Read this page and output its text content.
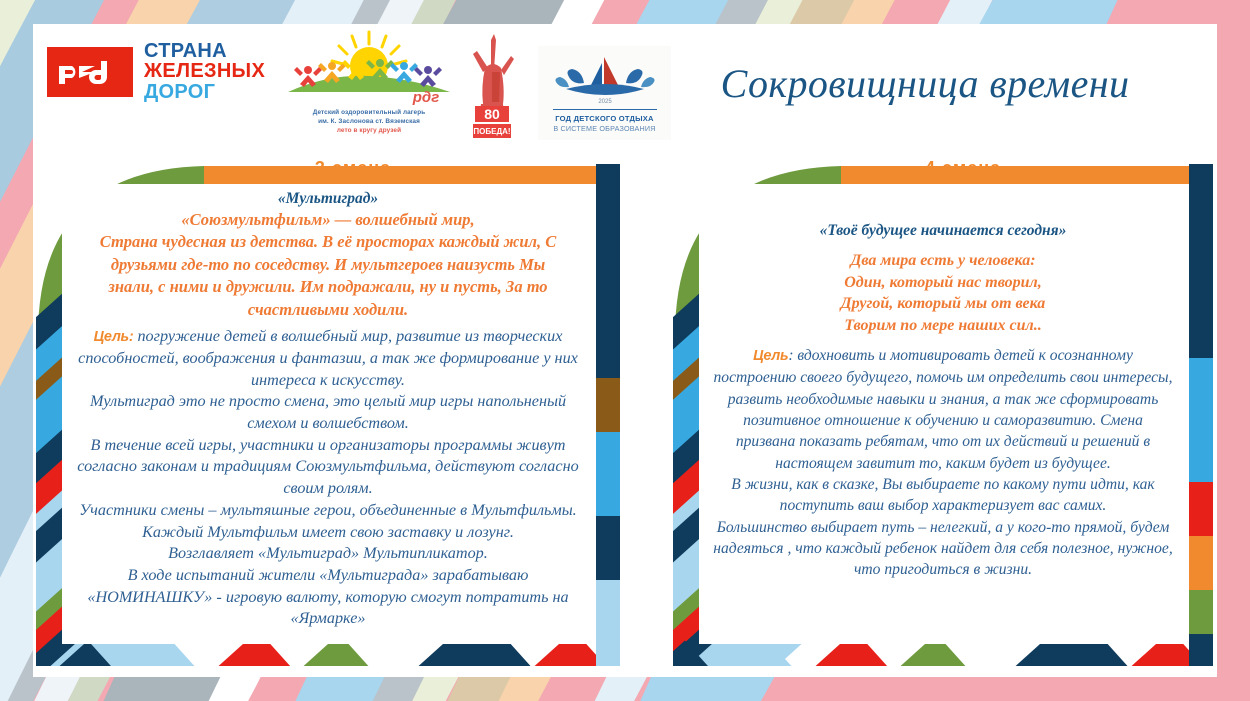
СТРАНА
ЖЕЛЕЗНЫХ
ДОРОГ	рдг
Детский оздоровительный лагерь
им. К. Заслонова ст. Вяземская
лето в кругу друзей
80
ПОБЕДА!
2025
ГОД ДЕТСКОГО ОТДЫХА
В СИСТЕМЕ ОБРАЗОВАНИЯ
Сокровищница времени
«Мультиград»
«Союзмультфильм» — волшебный мир,
Страна чудесная из детства. В её просторах каждый жил, С
друзьями где-то по соседству. И мультгероев наизусть Мы
знали, с ними и дружили. Им подражали, ну и пусть, За то
счастливыми ходили.
Цель: погружение детей в волшебный мир, развитие из творческих способностей, воображения и фантазии, а так же формирование у них интереса к искусству.
Мультиград это не просто смена, это целый мир игры напольненый смехом и волшебством.
В течение всей игры, участники и организаторы программы живут согласно законам и традициям Союзмультфильма, действуют согласно своим ролям.
Участники смены – мультяшные герои, объединенные в Мультфильмы. Каждый Мультфильм имеет свою заставку и лозунг.
Возглавляет «Мультиград» Мультипликатор.
В ходе испытаний жители «Мультиграда» зарабатываю «НОМИНАШКУ» - игровую валюту, которую смогут потратить на «Ярмарке»
«Твоё будущее начинается сегодня»
Два мира есть у человека:
Один, который нас творил,
Другой, который мы от века
Творим по мере наших сил..
Цель: вдохновить и мотивировать детей к осознанному построению своего будущего, помочь им определить свои интересы, развить необходимые навыки и знания, а так же сформировать позитивное отношение к обучению и саморазвитию. Смена призвана показать ребятам, что от их действий и решений в настоящем завитит то, каким будет из будущее.
В жизни, как в сказке, Вы выбираете по какому пути идти, как поступить ваш выбор характеризует вас самих.
Большинство выбирает путь – нелегкий, а у кого-то прямой, будем надеяться , что каждый ребенок найдет для себя полезное, нужное, что пригодиться в жизни.
